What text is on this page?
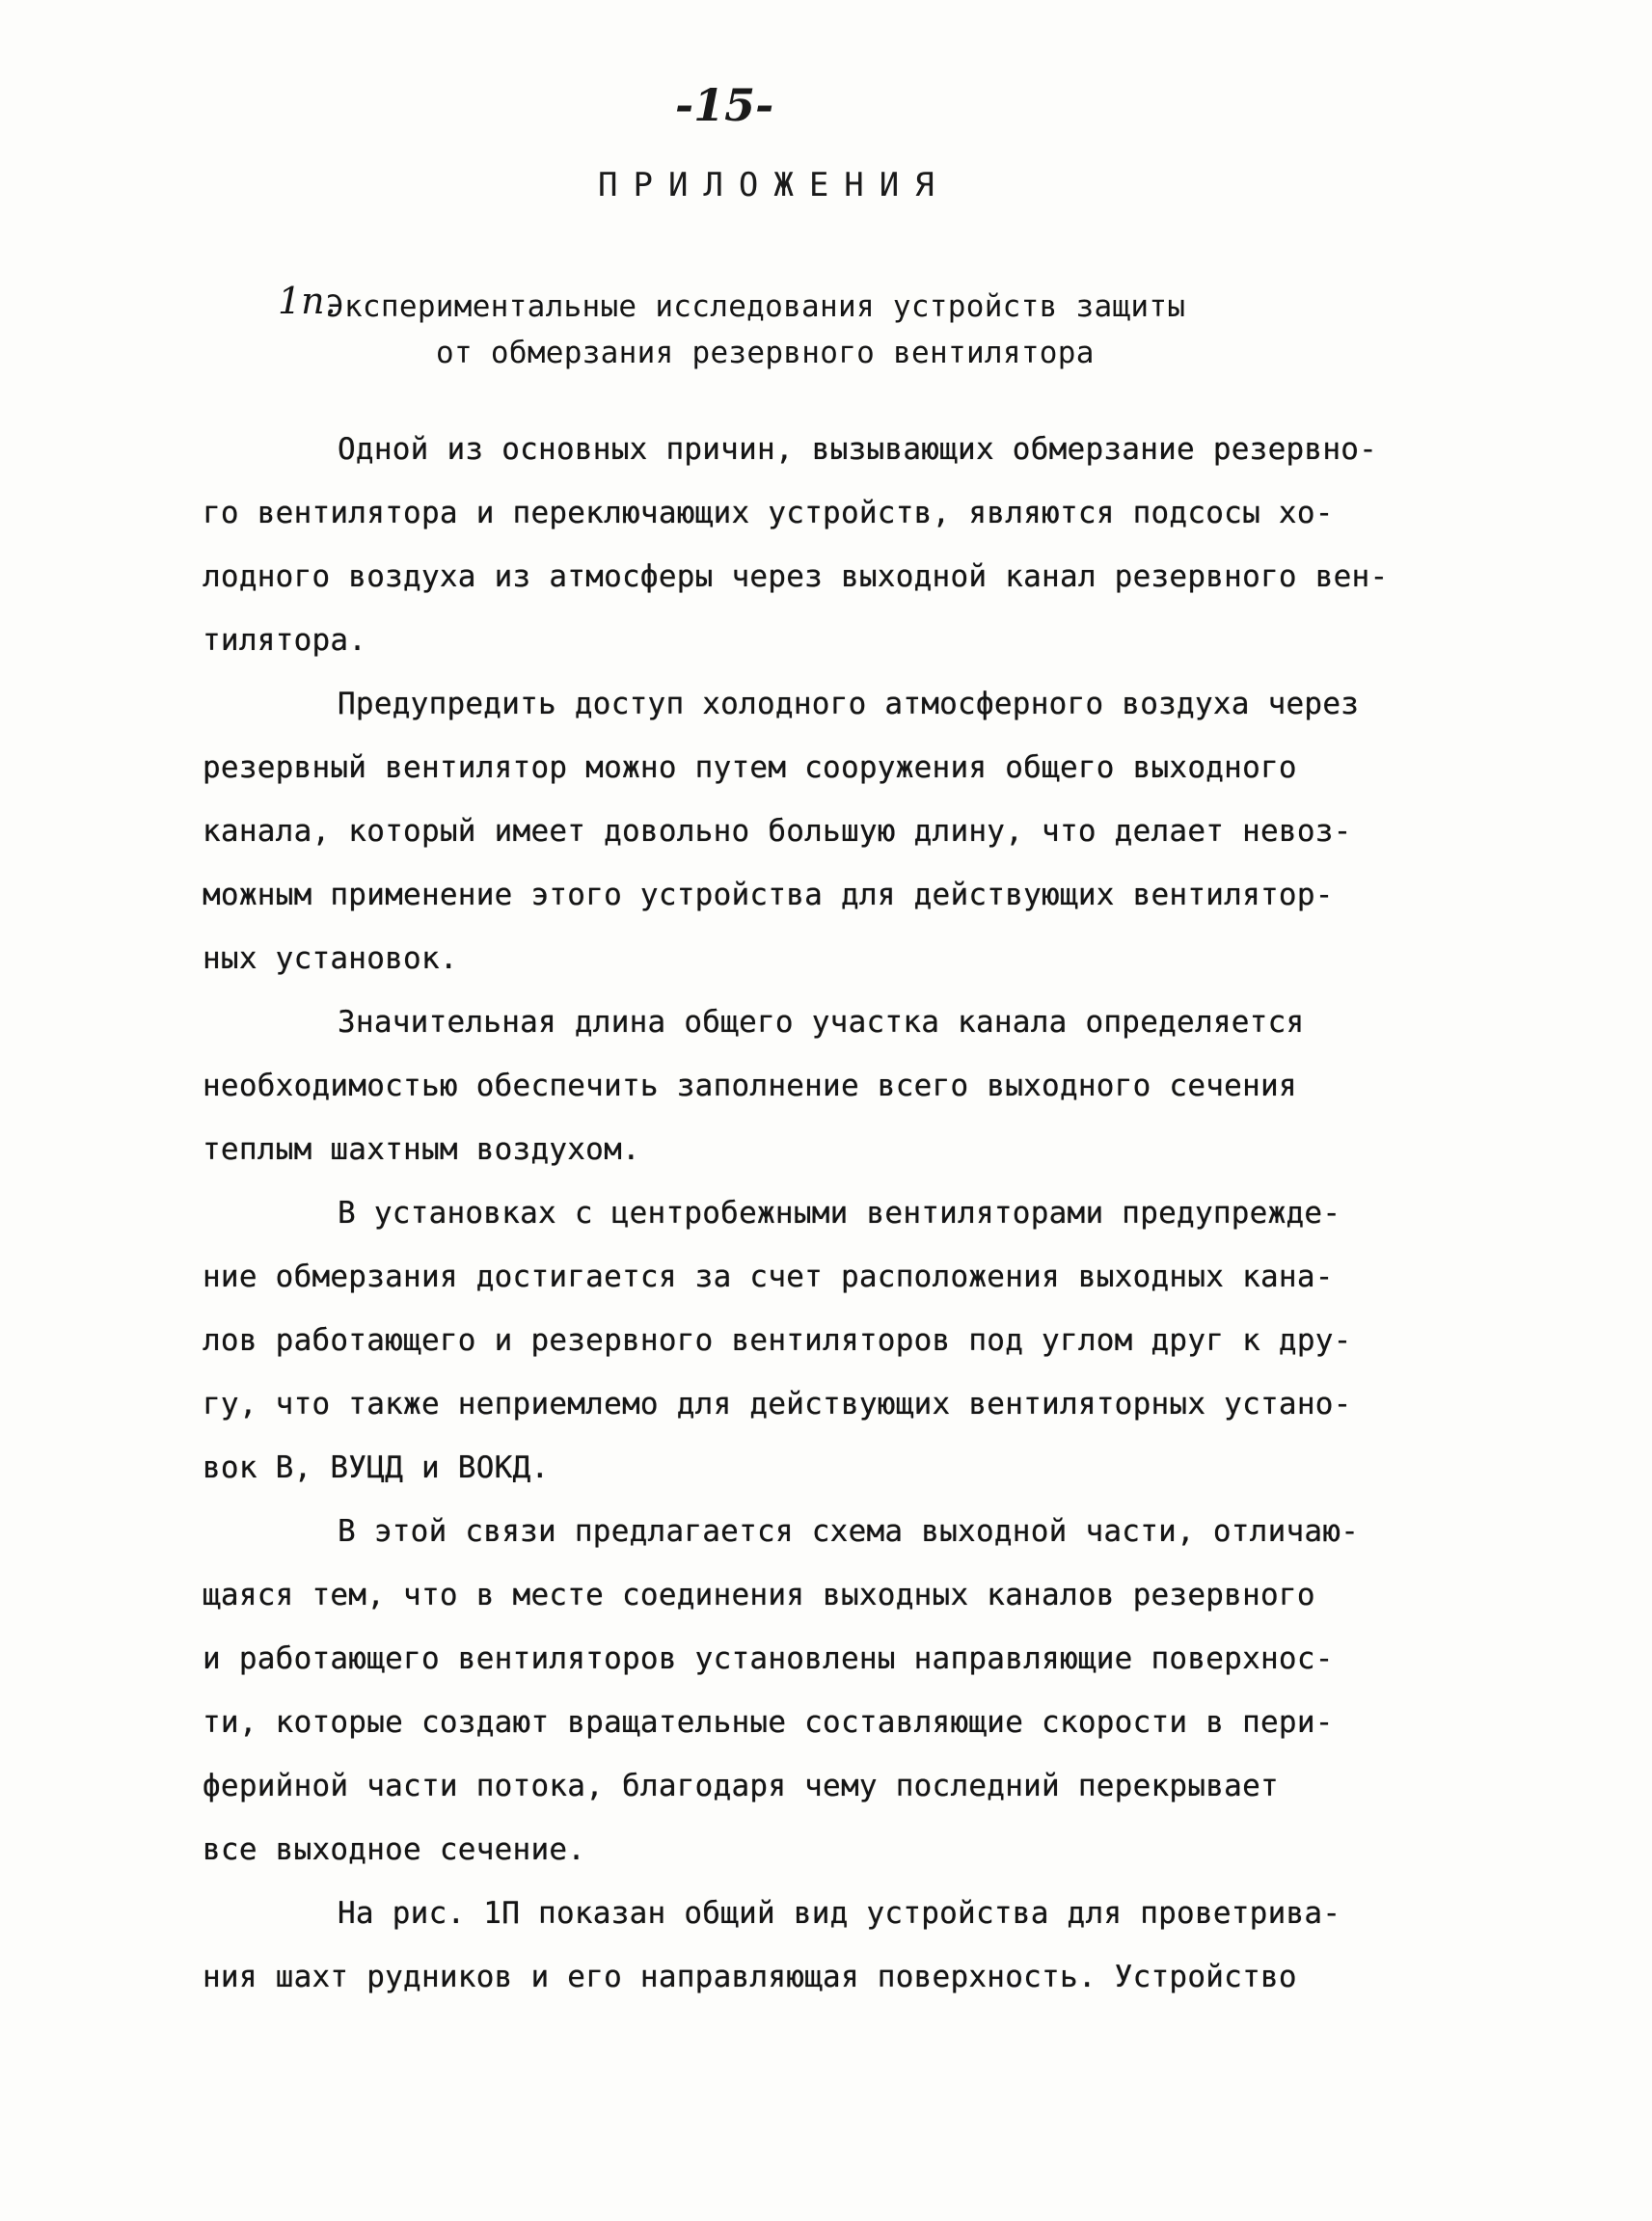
-15-
ПРИЛОЖЕНИЯ
1п.
Экспериментальные исследования устройств защиты
от обмерзания резервного вентилятора
Одной из основных причин, вызывающих обмерзание резервно-
го вентилятора и переключающих устройств, являются подсосы хо-
лодного воздуха из атмосферы через выходной канал резервного вен-
тилятора.
Предупредить доступ холодного атмосферного воздуха через
резервный вентилятор можно путем сооружения общего выходного
канала, который имеет довольно большую длину, что делает невоз-
можным применение этого устройства для действующих вентилятор-
ных установок.
Значительная длина общего участка канала определяется
необходимостью обеспечить заполнение всего выходного сечения
теплым шахтным воздухом.
В установках с центробежными вентиляторами предупрежде-
ние обмерзания достигается за счет расположения выходных кана-
лов работающего и резервного вентиляторов под углом друг к дру-
гу, что также неприемлемо для действующих вентиляторных устано-
вок В, ВУЦД и ВОКД.
В этой связи предлагается схема выходной части, отличаю-
щаяся тем, что в месте соединения выходных каналов резервного
и работающего вентиляторов установлены направляющие поверхнос-
ти, которые создают вращательные составляющие скорости в пери-
ферийной части потока, благодаря чему последний перекрывает
все выходное сечение.
На рис. 1П показан общий вид устройства для проветрива-
ния шахт рудников и его направляющая поверхность. Устройство
